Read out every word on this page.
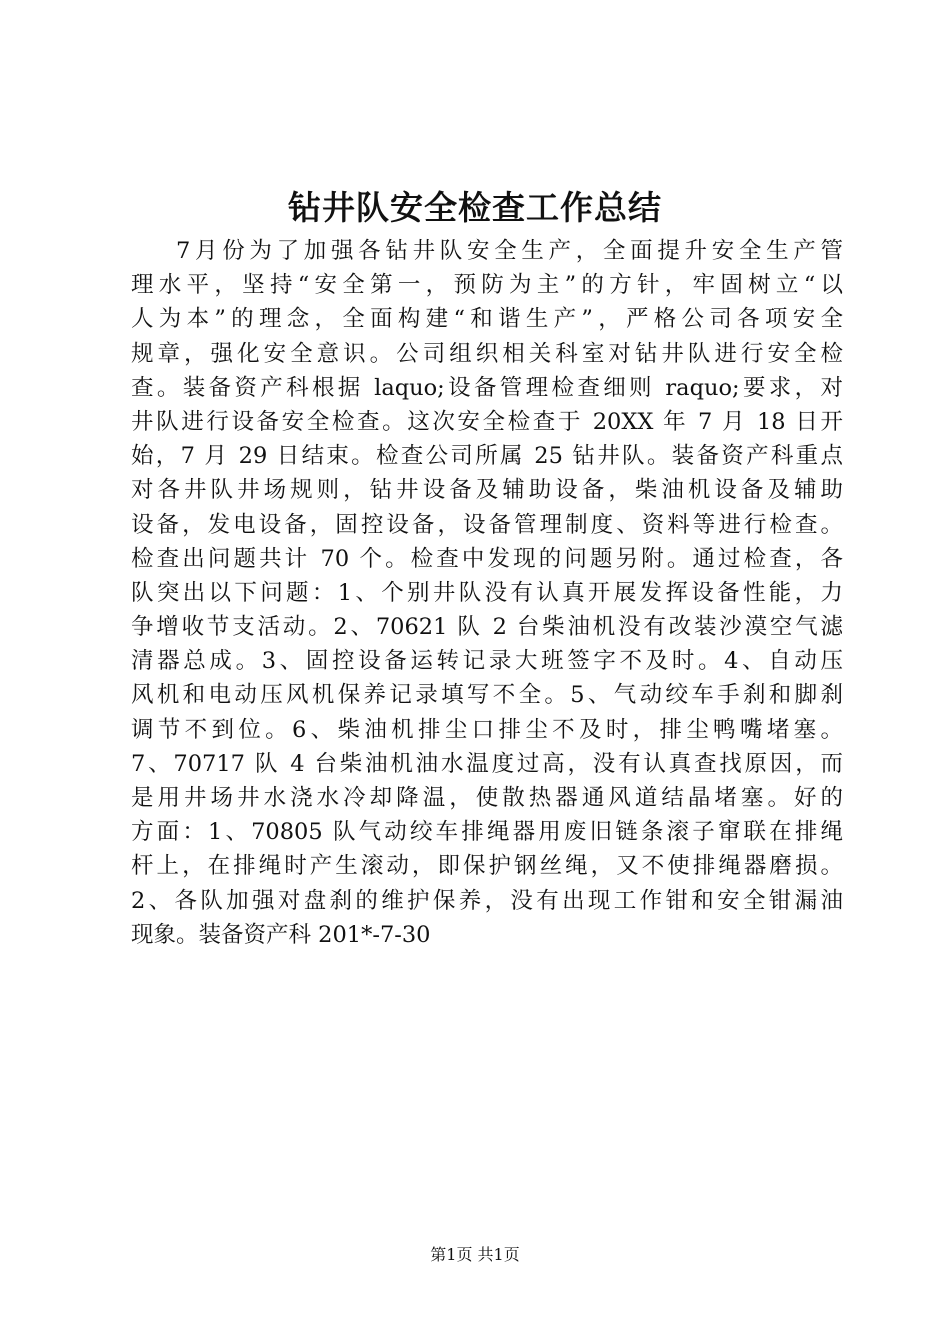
钻井队安全检查工作总结
7月份为了加强各钻井队安全生产，全面提升安全生产管
理水平，坚持“安全第一，预防为主”的方针，牢固树立“以
人为本”的理念，全面构建“和谐生产”，严格公司各项安全
规章，强化安全意识。公司组织相关科室对钻井队进行安全检
查。装备资产科根据 laquo;设备管理检查细则 raquo;要求，对
井队进行设备安全检查。这次安全检查于 20XX 年 7 月 18 日开
始，7 月 29 日结束。检查公司所属 25 钻井队。装备资产科重点
对各井队井场规则，钻井设备及辅助设备，柴油机设备及辅助
设备，发电设备，固控设备，设备管理制度、资料等进行检查。
检查出问题共计 70 个。检查中发现的问题另附。通过检查，各
队突出以下问题：1、个别井队没有认真开展发挥设备性能，力
争增收节支活动。2、70621 队 2 台柴油机没有改装沙漠空气滤
清器总成。3、固控设备运转记录大班签字不及时。4、自动压
风机和电动压风机保养记录填写不全。5、气动绞车手刹和脚刹
调节不到位。6、柴油机排尘口排尘不及时，排尘鸭嘴堵塞。
7、70717 队 4 台柴油机油水温度过高，没有认真查找原因，而
是用井场井水浇水冷却降温，使散热器通风道结晶堵塞。好的
方面：1、70805 队气动绞车排绳器用废旧链条滚子窜联在排绳
杆上，在排绳时产生滚动，即保护钢丝绳，又不使排绳器磨损。
2、各队加强对盘刹的维护保养，没有出现工作钳和安全钳漏油
现象。装备资产科 201*-7-30
第1页 共1页
